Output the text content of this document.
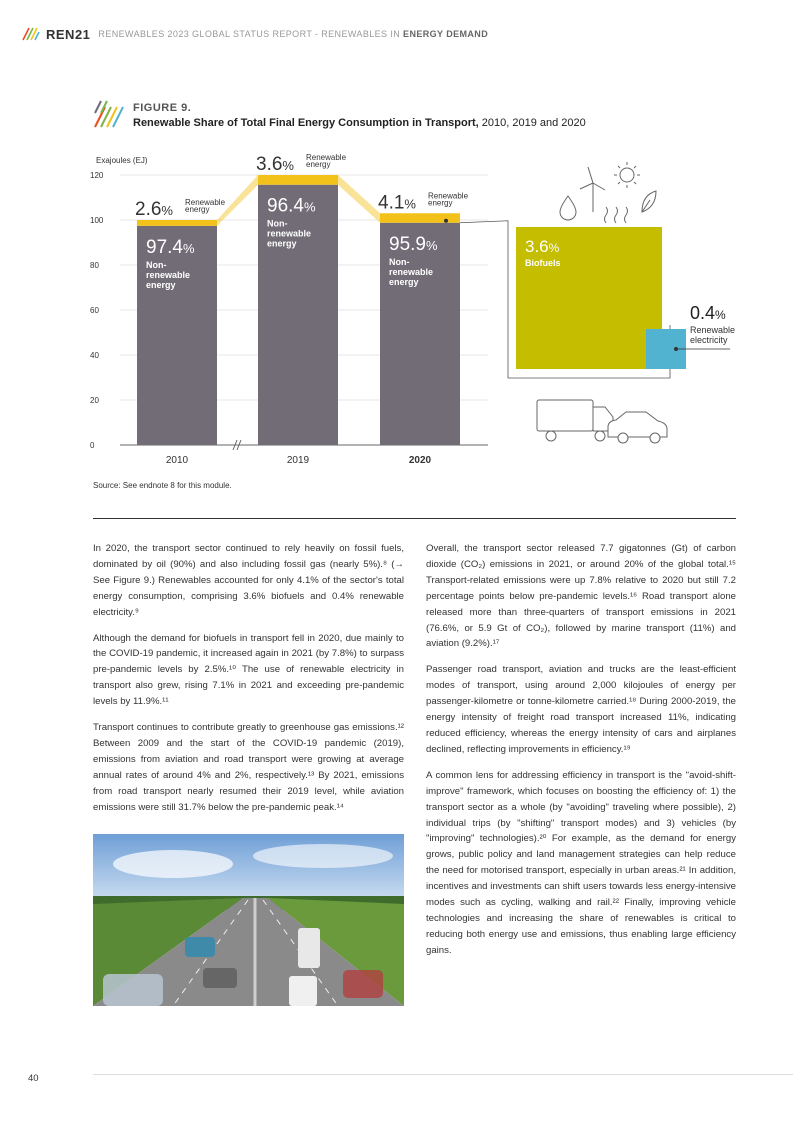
REN21 RENEWABLES 2023 GLOBAL STATUS REPORT - RENEWABLES IN ENERGY DEMAND
FIGURE 9.
Renewable Share of Total Final Energy Consumption in Transport, 2010, 2019 and 2020
Exajoules (EJ)
0
20
40
60
80
100
120
97.4%
Non-
renewable
energy
2.6%
Renewable
energy
2010
96.4%
Non-
renewable
energy
3.6%
Renewable
energy
2019
95.9%
Non-
renewable
energy
4.1%
Renewable
energy
2020
3.6%
Biofuels
0.4%
Renewable
electricity
Source: See endnote 8 for this module.

In 2020, the transport sector continued to rely heavily on fossil fuels, dominated by oil (90%) and also including fossil gas (nearly 5%).⁸ (→ See Figure 9.) Renewables accounted for only 4.1% of the sector's total energy consumption, comprising 3.6% biofuels and 0.4% renewable electricity.⁹

Although the demand for biofuels in transport fell in 2020, due mainly to the COVID-19 pandemic, it increased again in 2021 (by 7.8%) to surpass pre-pandemic levels by 2.5%.¹⁰ The use of renewable electricity in transport also grew, rising 7.1% in 2021 and exceeding pre-pandemic levels by 11.9%.¹¹

Transport continues to contribute greatly to greenhouse gas emissions.¹² Between 2009 and the start of the COVID-19 pandemic (2019), emissions from aviation and road transport were growing at average annual rates of around 4% and 2%, respectively.¹³ By 2021, emissions from road transport nearly resumed their 2019 level, while aviation emissions were still 31.7% below the pre-pandemic peak.¹⁴

Overall, the transport sector released 7.7 gigatonnes (Gt) of carbon dioxide (CO₂) emissions in 2021, or around 20% of the global total.¹⁵ Transport-related emissions were up 7.8% relative to 2020 but still 7.2 percentage points below pre-pandemic levels.¹⁶ Road transport alone released more than three-quarters of transport emissions in 2021 (76.6%, or 5.9 Gt of CO₂), followed by marine transport (11%) and aviation (9.2%).¹⁷

Passenger road transport, aviation and trucks are the least-efficient modes of transport, using around 2,000 kilojoules of energy per passenger-kilometre or tonne-kilometre carried.¹⁸ During 2000-2019, the energy intensity of freight road transport increased 11%, indicating reduced efficiency, whereas the energy intensity of cars and airplanes declined, reflecting improvements in efficiency.¹⁹

A common lens for addressing efficiency in transport is the "avoid-shift-improve" framework, which focuses on boosting the efficiency of: 1) the transport sector as a whole (by "avoiding" traveling where possible), 2) individual trips (by "shifting" transport modes) and 3) vehicles (by "improving" technologies).²⁰ For example, as the demand for energy grows, public policy and land management strategies can help reduce the need for motorised transport, especially in urban areas.²¹ In addition, incentives and investments can shift users towards less energy-intensive modes such as cycling, walking and rail.²² Finally, improving vehicle technologies and increasing the share of renewables is critical to reducing both energy use and emissions, thus enabling large efficiency gains.

40
